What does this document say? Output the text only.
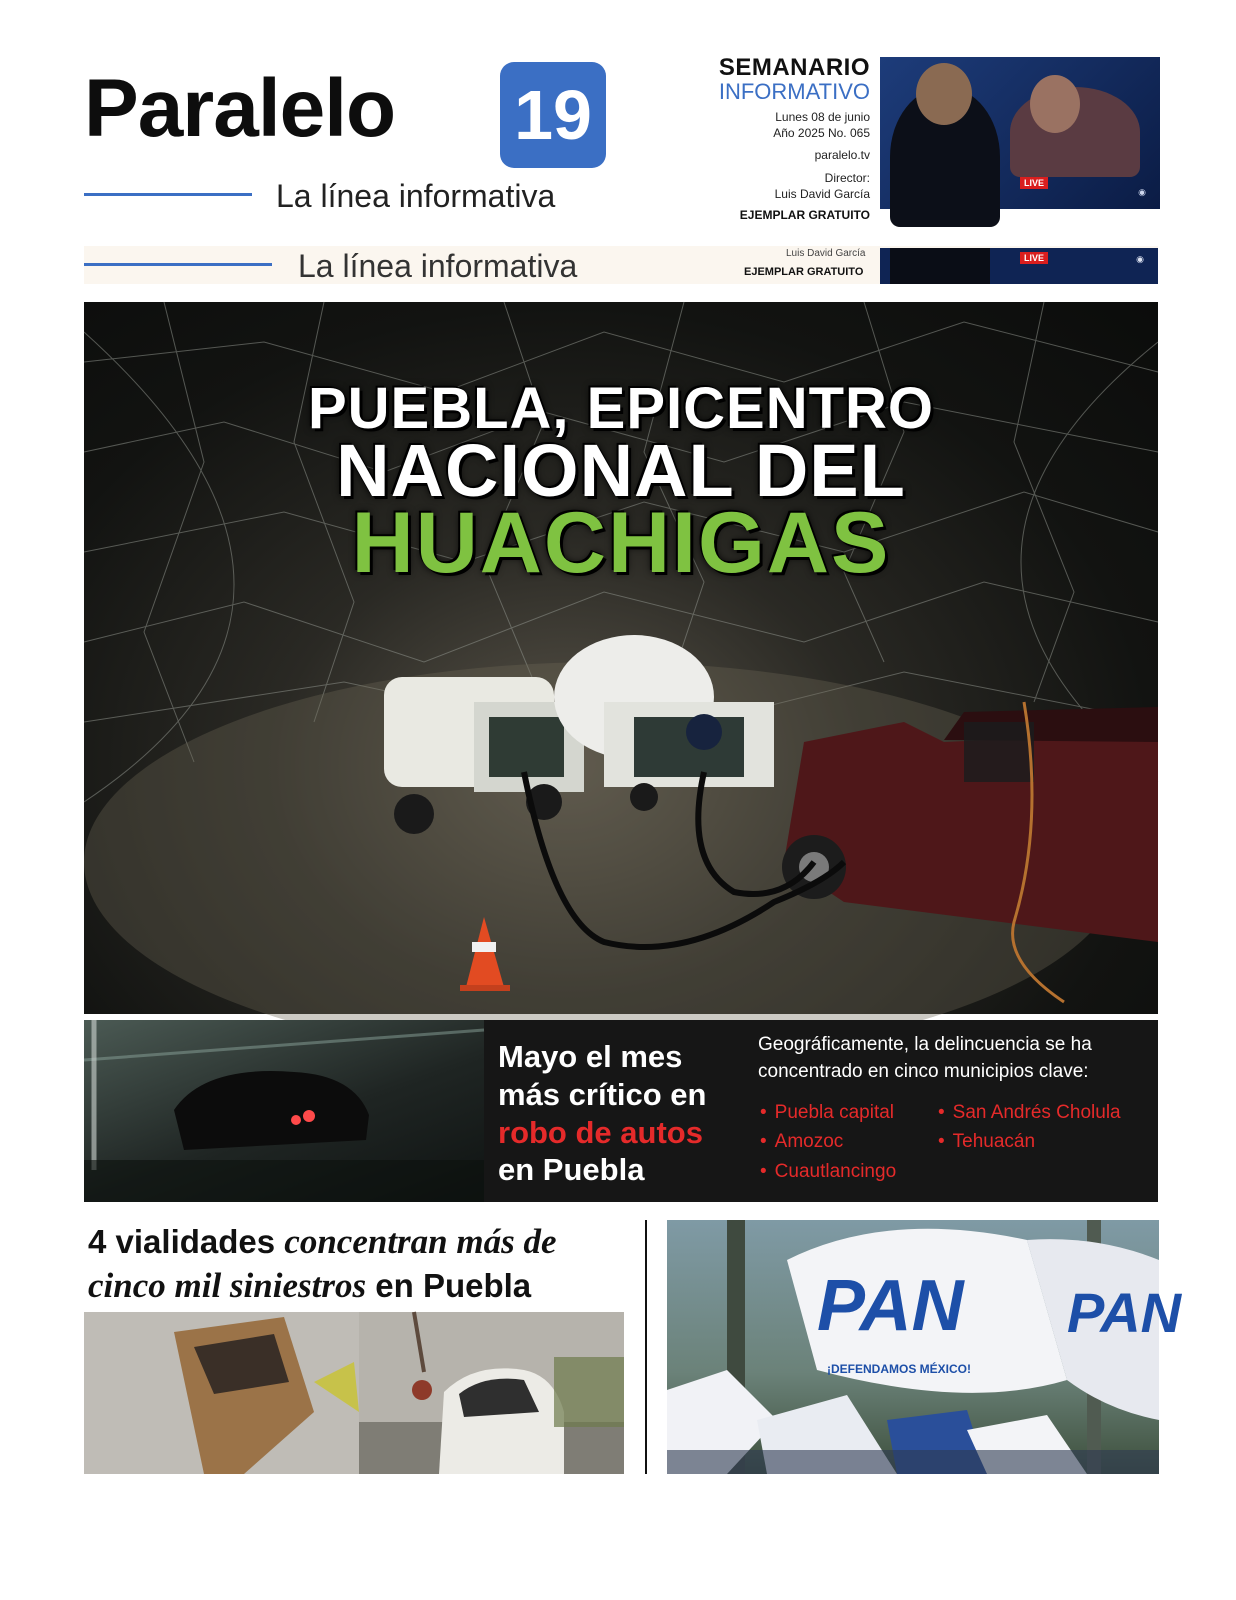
Paralelo 19
La línea informativa
SEMANARIO
INFORMATIVO
Lunes 08 de junio
Año 2025 No. 065
paralelo.tv
Director:
Luis David García
EJEMPLAR GRATUITO
LIVE
◉
La línea informativa	Luis David García
EJEMPLAR GRATUITO
LIVE	◉
PUEBLA, EPICENTRO
NACIONAL DEL
HUACHIGAS
Mayo el mes
más crítico en
robo de autos
en Puebla
Geográficamente, la delincuencia se ha concentrado en cinco municipios clave:
• Puebla capital
• Amozoc
• Cuautlancingo
• San Andrés Cholula
• Tehuacán
4 vialidades concentran más de cinco mil siniestros en Puebla	PAN PAN
¡DEFENDAMOS MÉXICO!
